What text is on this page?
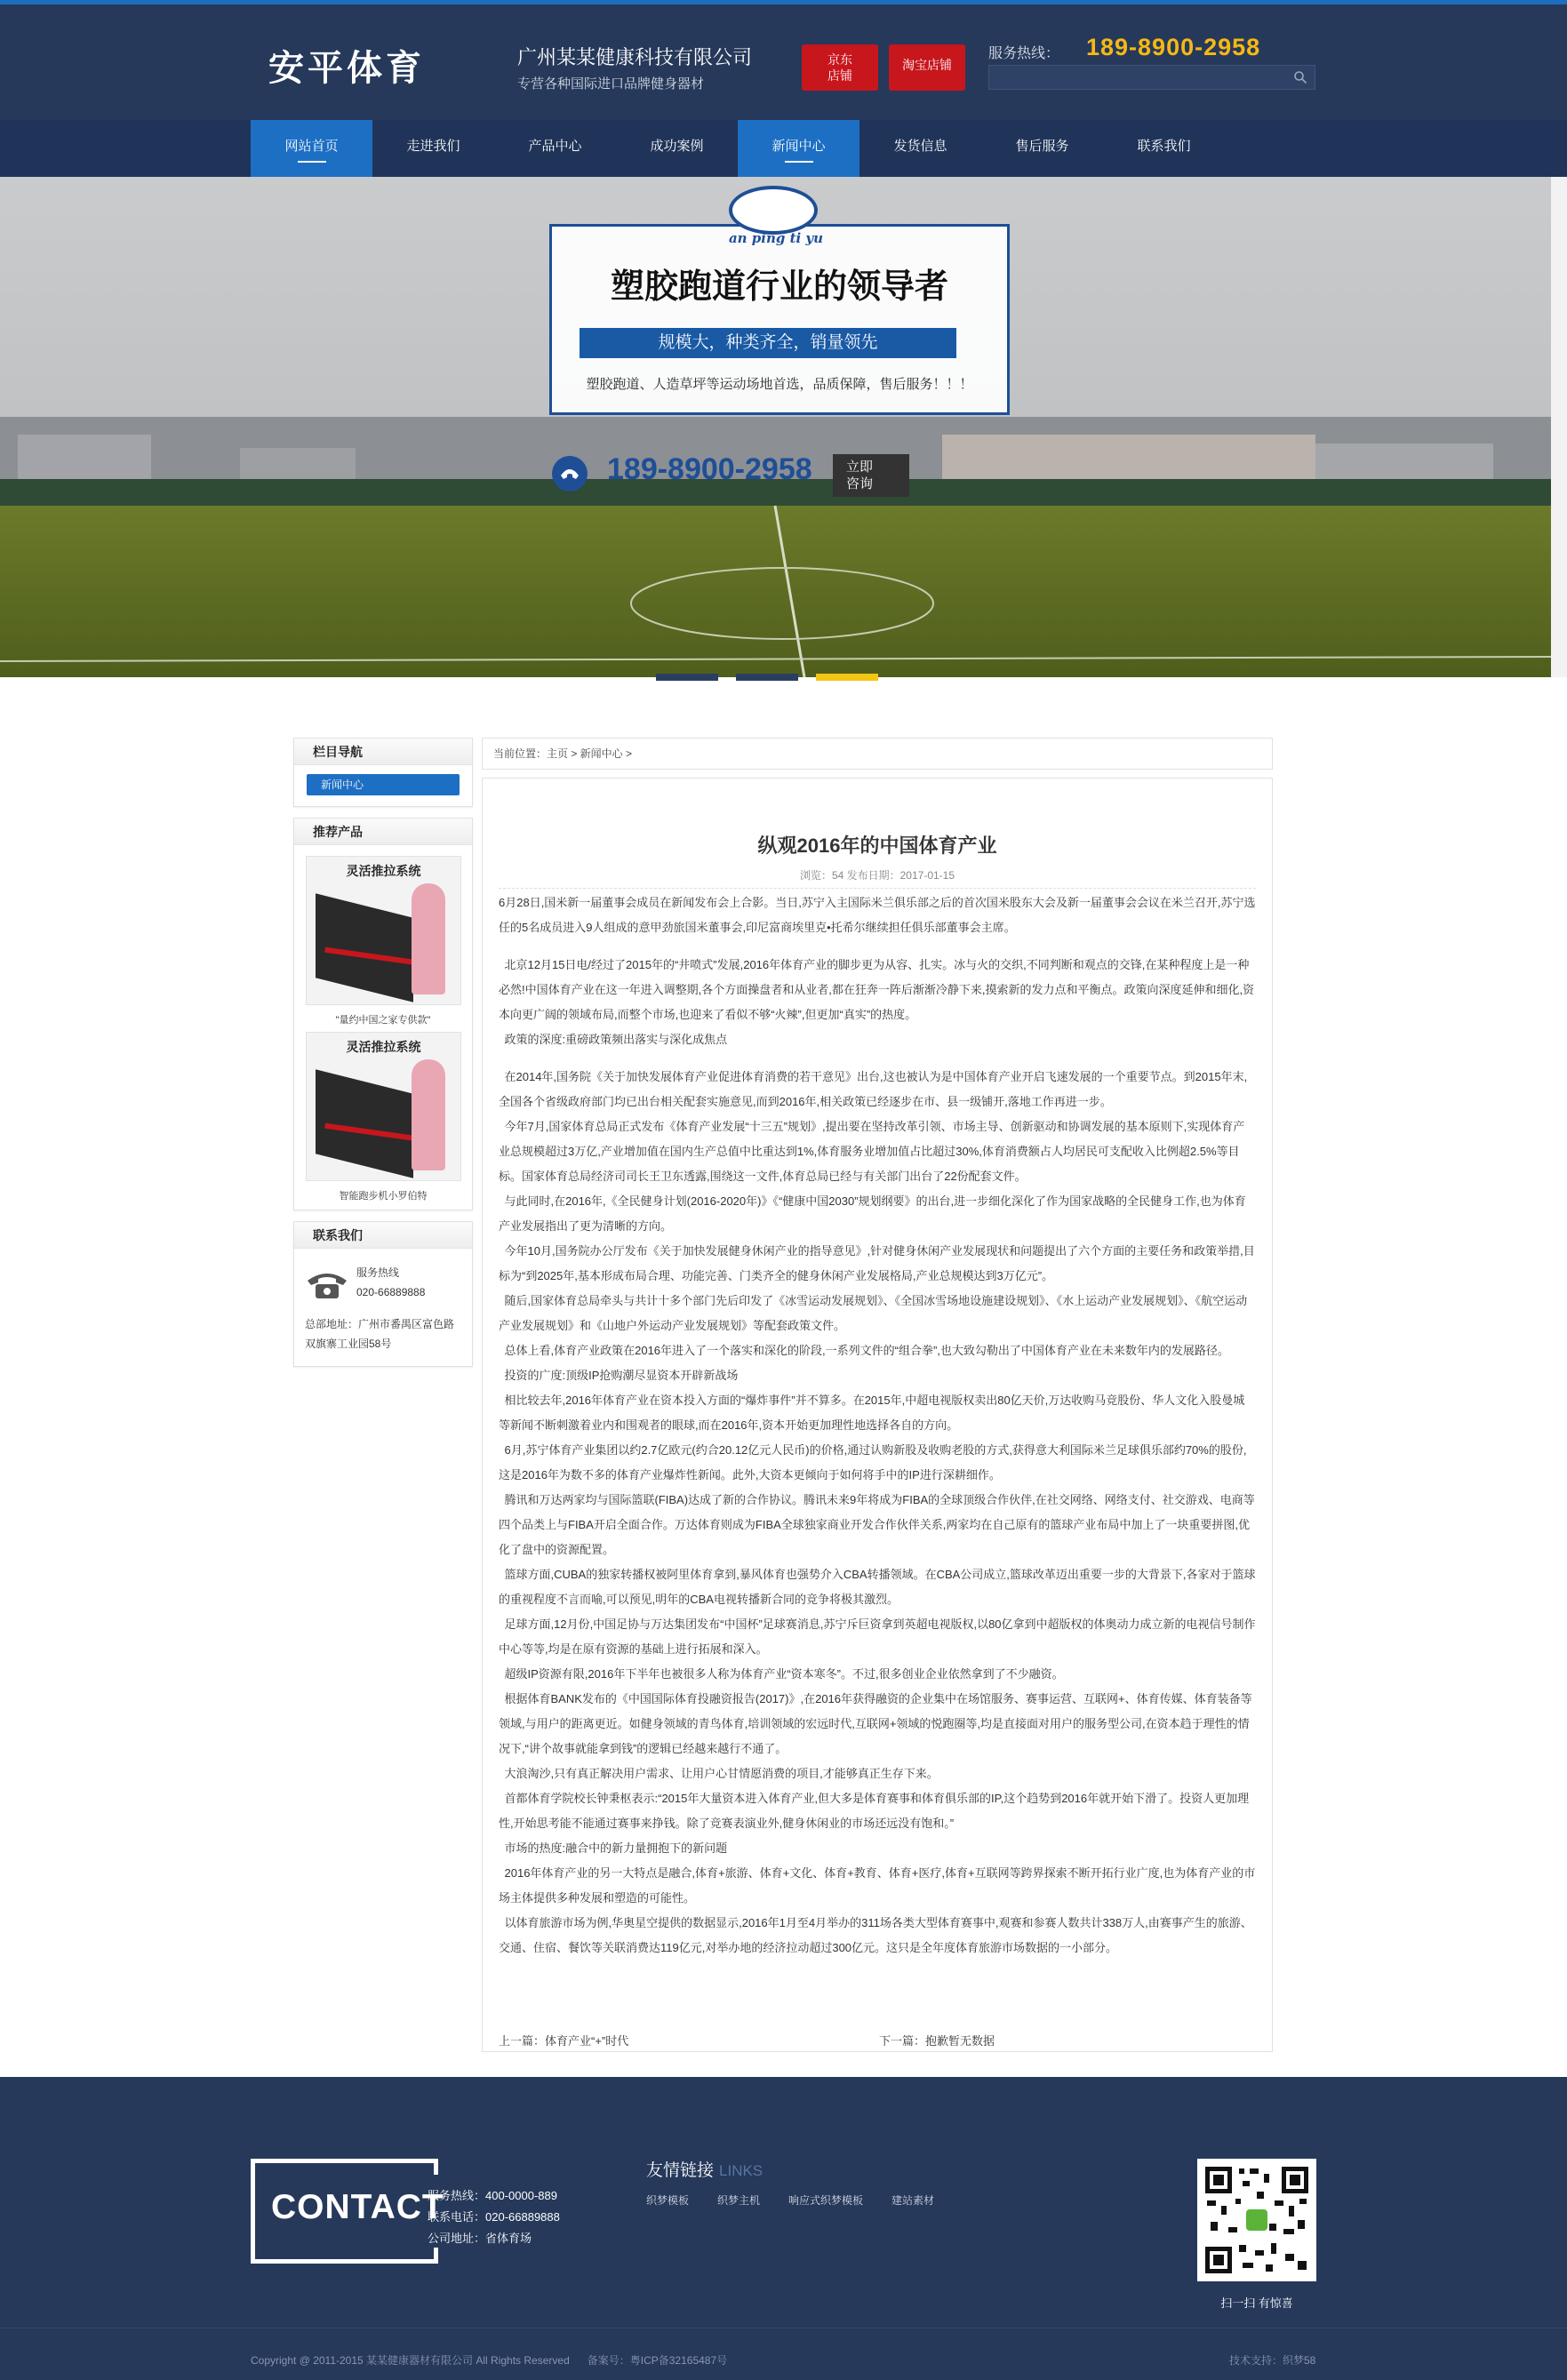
安平体育	广州某某健康科技有限公司
专营各种国际进口品牌健身器材
京东
店铺
淘宝店铺
服务热线： 189-8900-2958
网站首页	走进我们	产品中心	成功案例	新闻中心	发货信息	售后服务	联系我们
an ping ti yu
塑胶跑道行业的领导者
规模大，种类齐全，销量领先
塑胶跑道、人造草坪等运动场地首选，品质保障，售后服务！！！
189-8900-2958	立即
咨询
栏目导航
新闻中心
推荐产品
灵活推拉系统
"量约中国之家专供款"
灵活推拉系统
智能跑步机小罗伯特
联系我们
服务热线
020-66889888
总部地址：广州市番禺区富色路双旗寨工业园58号
当前位置：主页 > 新闻中心 >
纵观2016年的中国体育产业
浏览：54 发布日期：2017-01-15

6月28日,国米新一届董事会成员在新闻发布会上合影。当日,苏宁入主国际米兰俱乐部之后的首次国米股东大会及新一届董事会会议在米兰召开,苏宁选任的5名成员进入9人组成的意甲劲旅国米董事会,印尼富商埃里克•托希尔继续担任俱乐部董事会主席。

北京12月15日电/经过了2015年的“井喷式”发展,2016年体育产业的脚步更为从容、扎实。冰与火的交织,不同判断和观点的交锋,在某种程度上是一种必然!中国体育产业在这一年进入调整期,各个方面操盘者和从业者,都在狂奔一阵后渐渐冷静下来,摸索新的发力点和平衡点。政策向深度延伸和细化,资本向更广阔的领域布局,而整个市场,也迎来了看似不够“火辣”,但更加“真实”的热度。

政策的深度:重磅政策频出落实与深化成焦点

在2014年,国务院《关于加快发展体育产业促进体育消费的若干意见》出台,这也被认为是中国体育产业开启飞速发展的一个重要节点。到2015年末,全国各个省级政府部门均已出台相关配套实施意见,而到2016年,相关政策已经逐步在市、县一级铺开,落地工作再进一步。

今年7月,国家体育总局正式发布《体育产业发展“十三五”规划》,提出要在坚持改革引领、市场主导、创新驱动和协调发展的基本原则下,实现体育产业总规模超过3万亿,产业增加值在国内生产总值中比重达到1%,体育服务业增加值占比超过30%,体育消费额占人均居民可支配收入比例超2.5%等目标。国家体育总局经济司司长王卫东透露,围绕这一文件,体育总局已经与有关部门出台了22份配套文件。

与此同时,在2016年,《全民健身计划(2016-2020年)》《“健康中国2030”规划纲要》的出台,进一步细化深化了作为国家战略的全民健身工作,也为体育产业发展指出了更为清晰的方向。

今年10月,国务院办公厅发布《关于加快发展健身休闲产业的指导意见》,针对健身休闲产业发展现状和问题提出了六个方面的主要任务和政策举措,目标为“到2025年,基本形成布局合理、功能完善、门类齐全的健身休闲产业发展格局,产业总规模达到3万亿元”。

随后,国家体育总局牵头与共计十多个部门先后印发了《冰雪运动发展规划》、《全国冰雪场地设施建设规划》、《水上运动产业发展规划》、《航空运动产业发展规划》和《山地户外运动产业发展规划》等配套政策文件。

总体上看,体育产业政策在2016年进入了一个落实和深化的阶段,一系列文件的“组合拳”,也大致勾勒出了中国体育产业在未来数年内的发展路径。

投资的广度:顶级IP抢购潮尽显资本开辟新战场

相比较去年,2016年体育产业在资本投入方面的“爆炸事件”并不算多。在2015年,中超电视版权卖出80亿天价,万达收购马竞股份、华人文化入股曼城等新闻不断刺激着业内和围观者的眼球,而在2016年,资本开始更加理性地选择各自的方向。

6月,苏宁体育产业集团以约2.7亿欧元(约合20.12亿元人民币)的价格,通过认购新股及收购老股的方式,获得意大利国际米兰足球俱乐部约70%的股份,这是2016年为数不多的体育产业爆炸性新闻。此外,大资本更倾向于如何将手中的IP进行深耕细作。

腾讯和万达两家均与国际篮联(FIBA)达成了新的合作协议。腾讯未来9年将成为FIBA的全球顶级合作伙伴,在社交网络、网络支付、社交游戏、电商等四个品类上与FIBA开启全面合作。万达体育则成为FIBA全球独家商业开发合作伙伴关系,两家均在自己原有的篮球产业布局中加上了一块重要拼图,优化了盘中的资源配置。

篮球方面,CUBA的独家转播权被阿里体育拿到,暴风体育也强势介入CBA转播领域。在CBA公司成立,篮球改革迈出重要一步的大背景下,各家对于篮球的重视程度不言而喻,可以预见,明年的CBA电视转播新合同的竞争将极其激烈。

足球方面,12月份,中国足协与万达集团发布“中国杯”足球赛消息,苏宁斥巨资拿到英超电视版权,以80亿拿到中超版权的体奥动力成立新的电视信号制作中心等等,均是在原有资源的基础上进行拓展和深入。

超级IP资源有限,2016年下半年也被很多人称为体育产业“资本寒冬”。不过,很多创业企业依然拿到了不少融资。

根据体育BANK发布的《中国国际体育投融资报告(2017)》,在2016年获得融资的企业集中在场馆服务、赛事运营、互联网+、体育传媒、体育装备等领域,与用户的距离更近。如健身领域的青鸟体育,培训领域的宏远时代,互联网+领域的悦跑圈等,均是直接面对用户的服务型公司,在资本趋于理性的情况下,“讲个故事就能拿到钱”的逻辑已经越来越行不通了。

大浪淘沙,只有真正解决用户需求、让用户心甘情愿消费的项目,才能够真正生存下来。

首都体育学院校长钟秉枢表示:“2015年大量资本进入体育产业,但大多是体育赛事和体育俱乐部的IP,这个趋势到2016年就开始下滑了。投资人更加理性,开始思考能不能通过赛事来挣钱。除了竞赛表演业外,健身休闲业的市场还远没有饱和。”

市场的热度:融合中的新力量拥抱下的新问题

2016年体育产业的另一大特点是融合,体育+旅游、体育+文化、体育+教育、体育+医疗,体育+互联网等跨界探索不断开拓行业广度,也为体育产业的市场主体提供多种发展和塑造的可能性。

以体育旅游市场为例,华奥星空提供的数据显示,2016年1月至4月举办的311场各类大型体育赛事中,观赛和参赛人数共计338万人,由赛事产生的旅游、交通、住宿、餐饮等关联消费达119亿元,对举办地的经济拉动超过300亿元。这只是全年度体育旅游市场数据的一小部分。

上一篇：体育产业“+”时代	下一篇：抱歉暂无数据
CONTACT
服务热线：400-0000-889
联系电话：020-66889888
公司地址：省体育场
友情链接 LINKS
织梦模板	织梦主机	响应式织梦模板	建站素材
扫一扫 有惊喜
Copyright @ 2011-2015 某某健康器材有限公司 All Rights Reserved      备案号：粤ICP备32165487号	技术支持：织梦58
